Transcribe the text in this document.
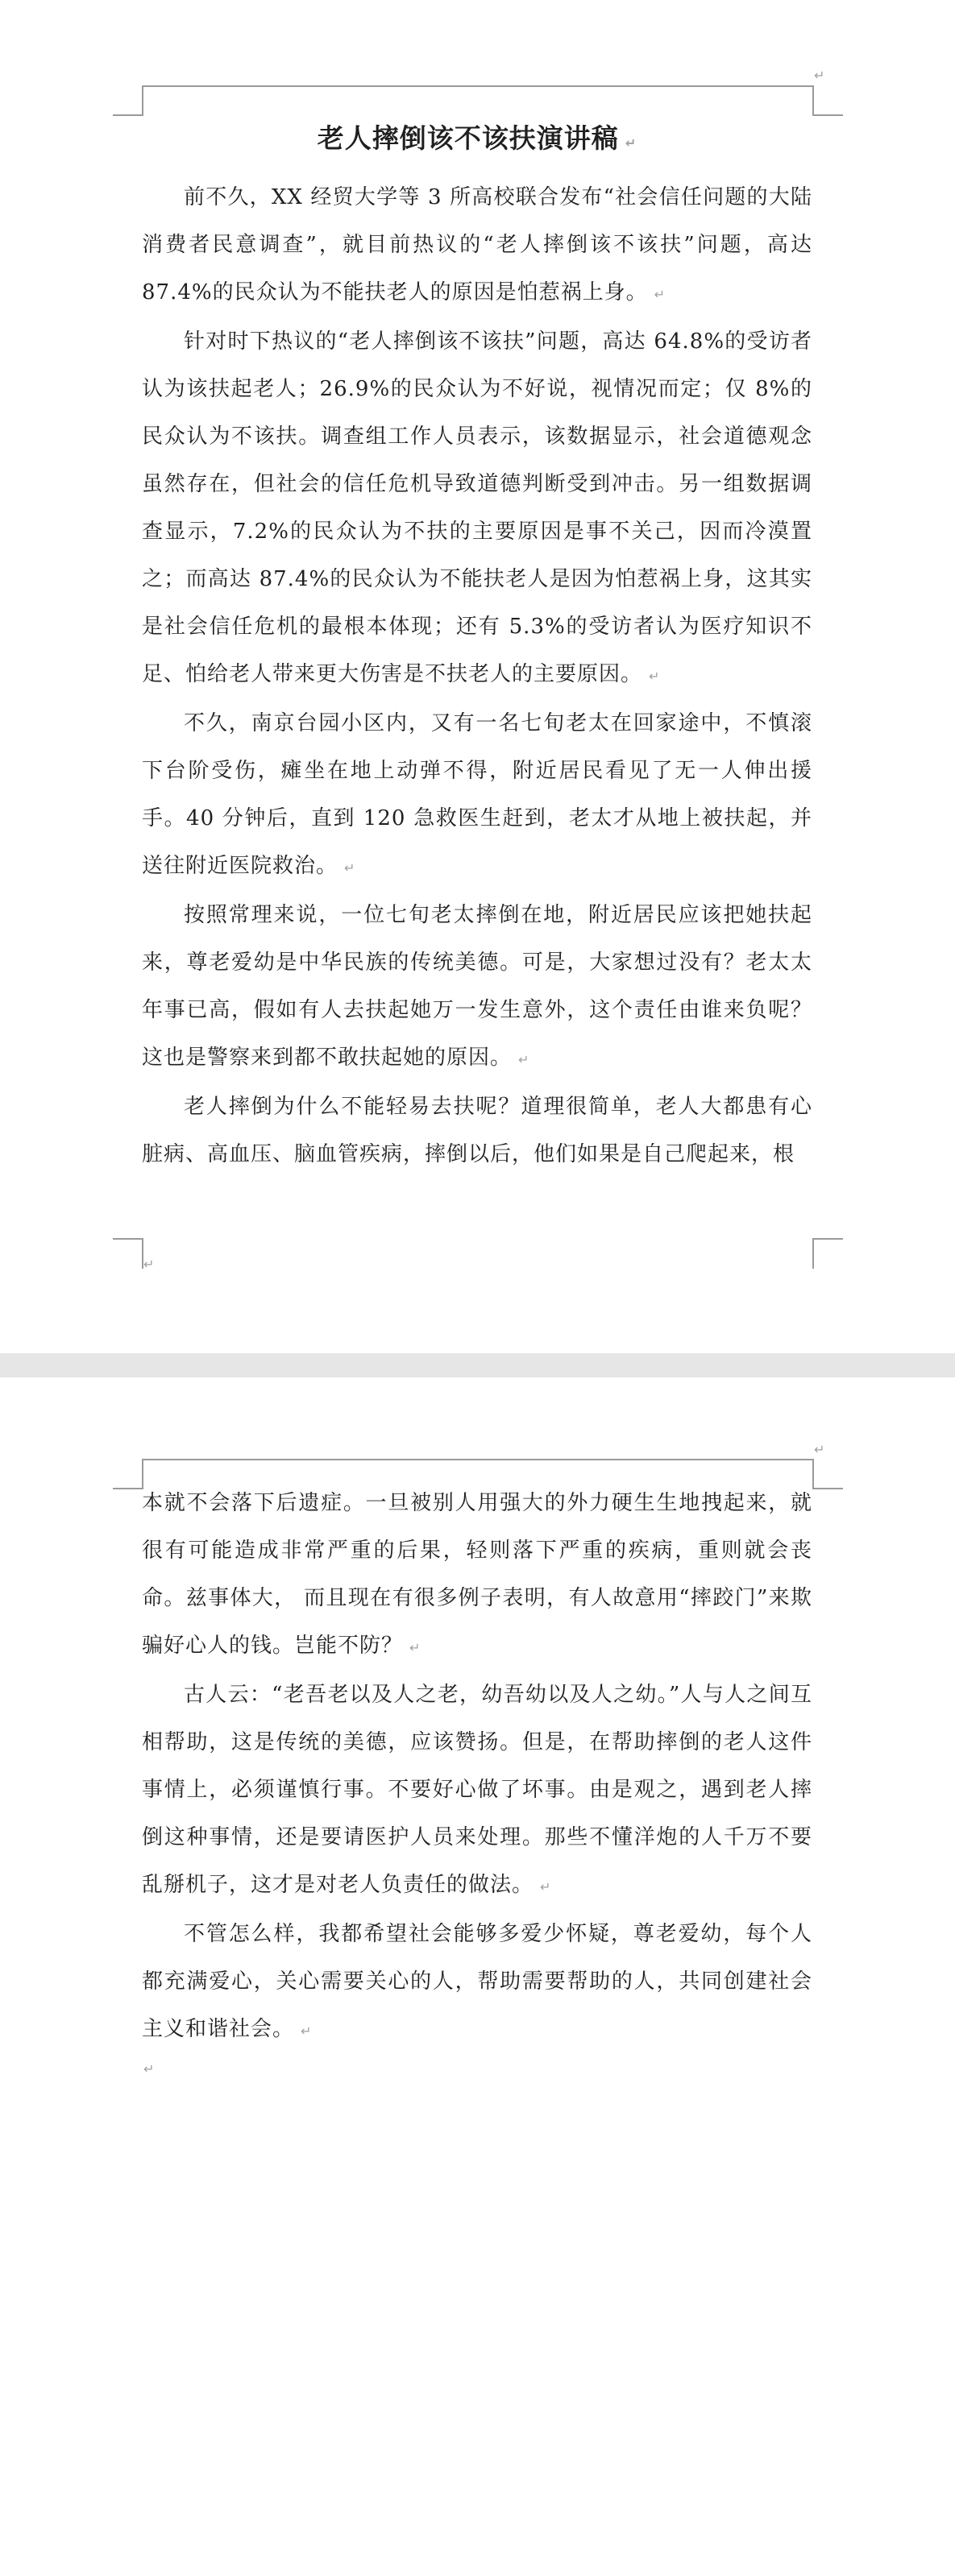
↵
老人摔倒该不该扶演讲稿 ↵

前不久，XX 经贸大学等 3 所高校联合发布“社会信任问题的大陆消费者民意调查”，就目前热议的“老人摔倒该不该扶”问题，高达 87.4%的民众认为不能扶老人的原因是怕惹祸上身。 ↵

针对时下热议的“老人摔倒该不该扶”问题，高达 64.8%的受访者认为该扶起老人；26.9%的民众认为不好说，视情况而定；仅 8%的民众认为不该扶。调查组工作人员表示，该数据显示，社会道德观念虽然存在，但社会的信任危机导致道德判断受到冲击。另一组数据调查显示，7.2%的民众认为不扶的主要原因是事不关己，因而冷漠置之；而高达 87.4%的民众认为不能扶老人是因为怕惹祸上身，这其实是社会信任危机的最根本体现；还有 5.3%的受访者认为医疗知识不足、怕给老人带来更大伤害是不扶老人的主要原因。 ↵

不久，南京台园小区内，又有一名七旬老太在回家途中，不慎滚下台阶受伤，瘫坐在地上动弹不得，附近居民看见了无一人伸出援手。40 分钟后，直到 120 急救医生赶到，老太才从地上被扶起，并送往附近医院救治。 ↵

按照常理来说，一位七旬老太摔倒在地，附近居民应该把她扶起来，尊老爱幼是中华民族的传统美德。可是，大家想过没有？老太太年事已高，假如有人去扶起她万一发生意外，这个责任由谁来负呢？这也是警察来到都不敢扶起她的原因。 ↵

老人摔倒为什么不能轻易去扶呢？道理很简单，老人大都患有心脏病、高血压、脑血管疾病，摔倒以后，他们如果是自己爬起来，根

↵
↵

本就不会落下后遗症。一旦被别人用强大的外力硬生生地拽起来，就很有可能造成非常严重的后果，轻则落下严重的疾病，重则就会丧命。兹事体大， 而且现在有很多例子表明，有人故意用“摔跤门”来欺骗好心人的钱。岂能不防？ ↵

古人云：“老吾老以及人之老，幼吾幼以及人之幼。”人与人之间互相帮助，这是传统的美德，应该赞扬。但是，在帮助摔倒的老人这件事情上，必须谨慎行事。不要好心做了坏事。由是观之，遇到老人摔倒这种事情，还是要请医护人员来处理。那些不懂洋炮的人千万不要乱掰机子，这才是对老人负责任的做法。 ↵

不管怎么样，我都希望社会能够多爱少怀疑，尊老爱幼，每个人都充满爱心，关心需要关心的人，帮助需要帮助的人，共同创建社会主义和谐社会。 ↵

↵
